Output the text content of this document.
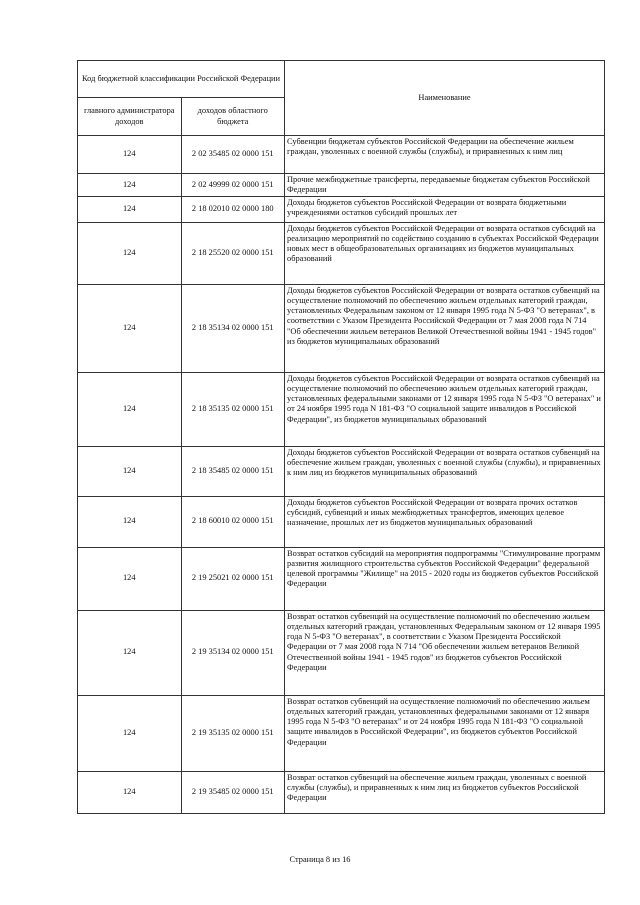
Код бюджетной классификации Российской Федерации		Наименование
главного администратора доходов	доходов областного бюджета	
124	2 02 35485 02 0000 151	Субвенции бюджетам субъектов Российской Федерации на обеспечение жильем граждан, уволенных с военной службы (службы), и приравненных к ним лиц
124	2 02 49999 02 0000 151	Прочие межбюджетные трансферты, передаваемые бюджетам субъектов Российской Федерации
124	2 18 02010 02 0000 180	Доходы бюджетов субъектов Российской Федерации от возврата бюджетными учреждениями остатков субсидий прошлых лет
124	2 18 25520 02 0000 151	Доходы бюджетов субъектов Российской Федерации от возврата остатков субсидий на реализацию мероприятий по содействию созданию в субъектах Российской Федерации новых мест в общеобразовательных организациях из бюджетов муниципальных образований
124	2 18 35134 02 0000 151	Доходы бюджетов субъектов Российской Федерации от возврата остатков субвенций на осуществление полномочий по обеспечению жильем отдельных категорий граждан, установленных Федеральным законом от 12 января 1995 года N 5-ФЗ "О ветеранах", в соответствии с Указом Президента Российской Федерации от 7 мая 2008 года N 714 "Об обеспечении жильем ветеранов Великой Отечественной войны 1941 - 1945 годов" из бюджетов муниципальных образований
124	2 18 35135 02 0000 151	Доходы бюджетов субъектов Российской Федерации от возврата остатков субвенций на осуществление полномочий по обеспечению жильем отдельных категорий граждан, установленных федеральными законами от 12 января 1995 года N 5-ФЗ "О ветеранах" и от 24 ноября 1995 года N 181-ФЗ "О социальной защите инвалидов в Российской Федерации", из бюджетов муниципальных образований
124	2 18 35485 02 0000 151	Доходы бюджетов субъектов Российской Федерации от возврата остатков субвенций на обеспечение жильем граждан, уволенных с военной службы (службы), и приравненных к ним лиц из бюджетов муниципальных образований
124	2 18 60010 02 0000 151	Доходы бюджетов субъектов Российской Федерации от возврата прочих остатков субсидий, субвенций и иных межбюджетных трансфертов, имеющих целевое назначение, прошлых лет из бюджетов муниципальных образований
124	2 19 25021 02 0000 151	Возврат остатков субсидий на мероприятия подпрограммы "Стимулирование программ развития жилищного строительства субъектов Российской Федерации" федеральной целевой программы "Жилище" на 2015 - 2020 годы из бюджетов субъектов Российской Федерации
124	2 19 35134 02 0000 151	Возврат остатков субвенций на осуществление полномочий по обеспечению жильем отдельных категорий граждан, установленных Федеральным законом от 12 января 1995 года N 5-ФЗ "О ветеранах", в соответствии с Указом Президента Российской Федерации от 7 мая 2008 года N 714 "Об обеспечении жильем ветеранов Великой Отечественной войны 1941 - 1945 годов" из бюджетов субъектов Российской Федерации
124	2 19 35135 02 0000 151	Возврат остатков субвенций на осуществление полномочий по обеспечению жильем отдельных категорий граждан, установленных федеральными законами от 12 января 1995 года N 5-ФЗ "О ветеранах" и от 24 ноября 1995 года N 181-ФЗ "О социальной защите инвалидов в Российской Федерации", из бюджетов субъектов Российской Федерации
124	2 19 35485 02 0000 151	Возврат остатков субвенций на обеспечение жильем граждан, уволенных с военной службы (службы), и приравненных к ним лиц из бюджетов субъектов Российской Федерации
Страница 8 из 16
